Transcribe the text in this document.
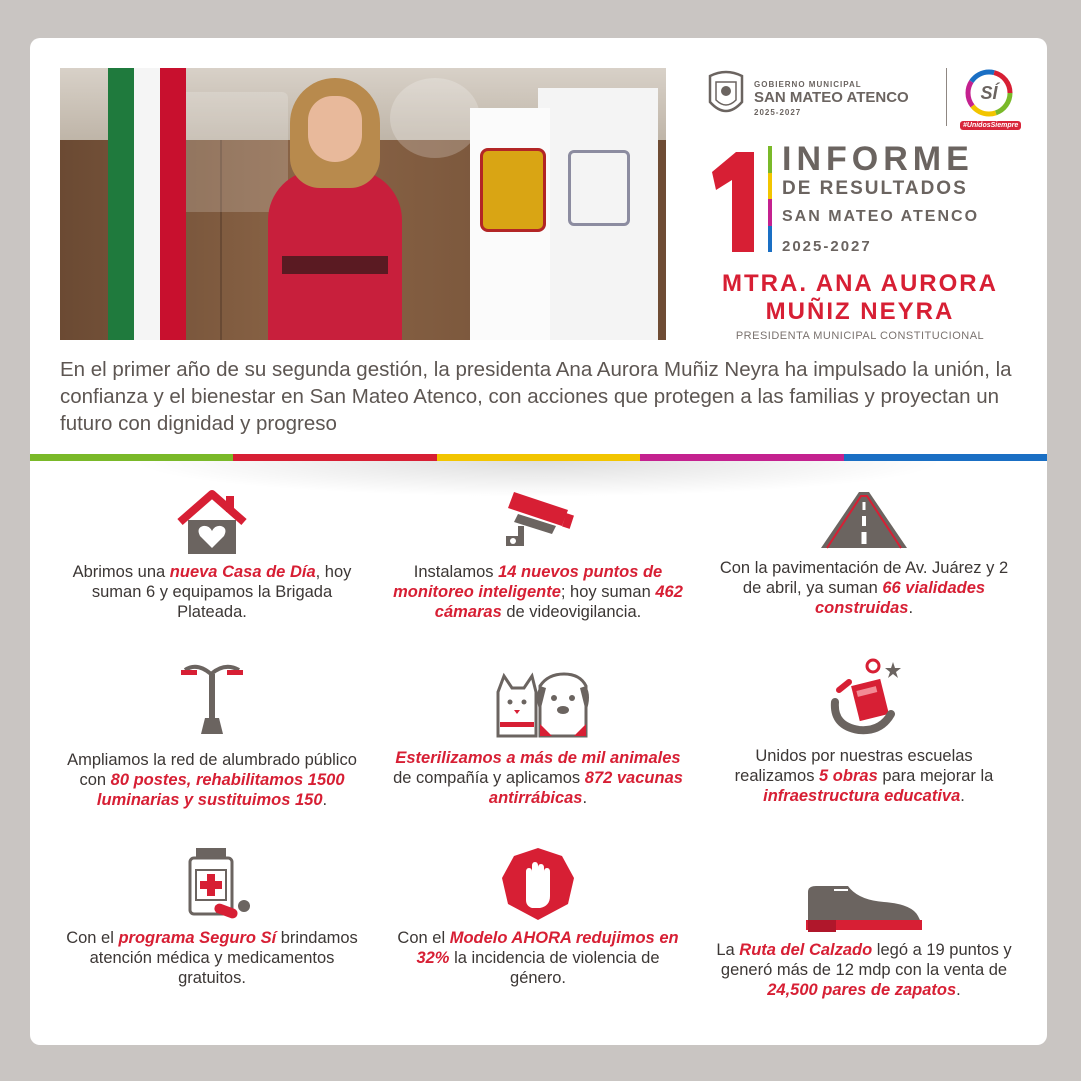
GOBIERNO MUNICIPAL
SAN MATEO ATENCO
2025-2027
SÍ
#UnidosSiempre
1 INFORME
DE RESULTADOS
SAN MATEO ATENCO
2025-2027
MTRA. ANA AURORA
MUÑIZ NEYRA
PRESIDENTA MUNICIPAL CONSTITUCIONAL
En el primer año de su segunda gestión, la presidenta Ana Aurora Muñiz Neyra ha impulsado la unión, la confianza y el bienestar en San Mateo Atenco, con acciones que protegen a las familias y proyectan un futuro con dignidad y progreso
Abrimos una nueva Casa de Día, hoy suman 6 y equipamos la Brigada Plateada.
Instalamos 14 nuevos puntos de monitoreo inteligente; hoy suman 462 cámaras de videovigilancia.
Con la pavimentación de Av. Juárez y 2 de abril, ya suman 66 vialidades construidas.
Ampliamos la red de alumbrado público con 80 postes, rehabilitamos 1500 luminarias y sustituimos 150.
Esterilizamos a más de mil animales de compañía y aplicamos 872 vacunas antirrábicas.
Unidos por nuestras escuelas realizamos 5 obras para mejorar la infraestructura educativa.
Con el programa Seguro Sí brindamos atención médica y medicamentos gratuitos.
Con el Modelo AHORA redujimos en 32% la incidencia de violencia de género.
La Ruta del Calzado legó a 19 puntos y generó más de 12 mdp con la venta de 24,500 pares de zapatos.
